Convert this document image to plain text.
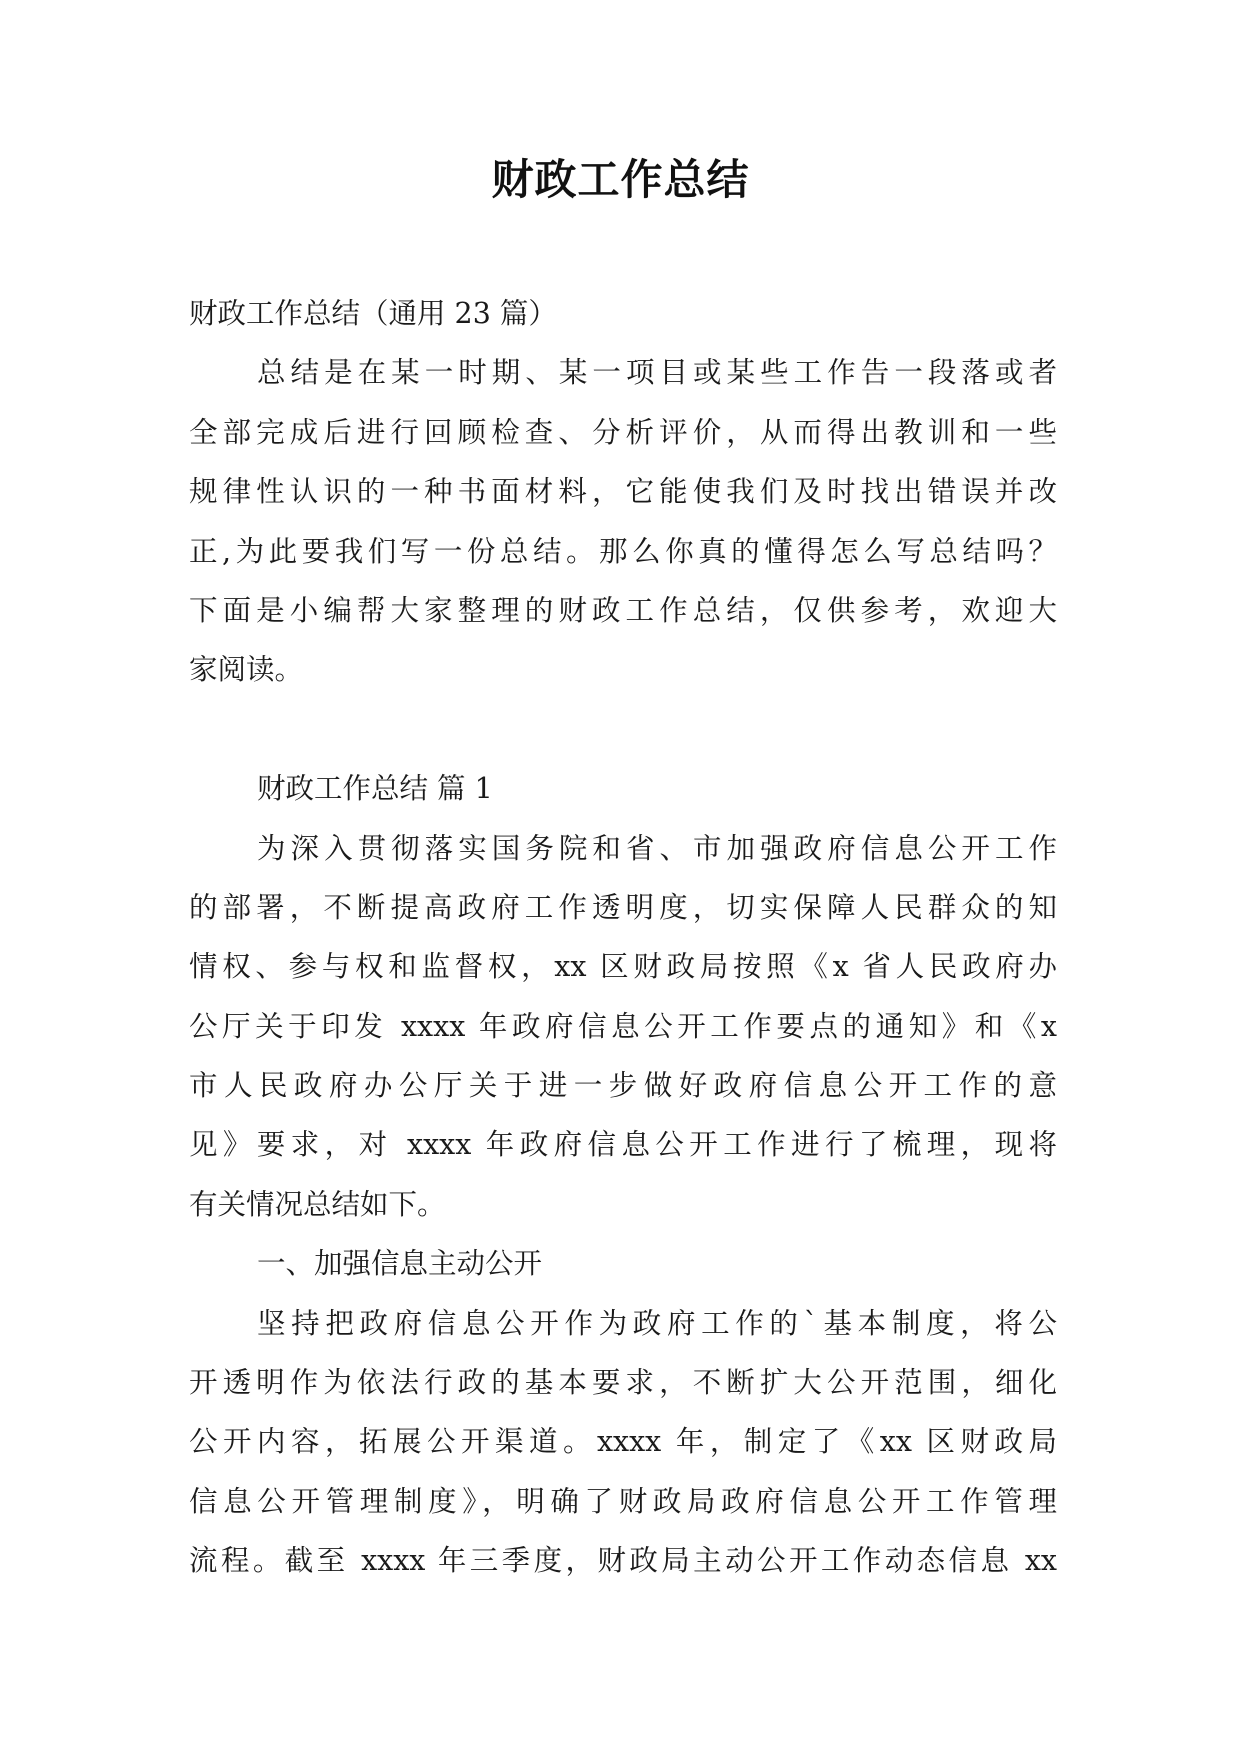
财政工作总结
财政工作总结（通用 23 篇）
总结是在某一时期、某一项目或某些工作告一段落或者
全部完成后进行回顾检查、分析评价，从而得出教训和一些
规律性认识的一种书面材料，它能使我们及时找出错误并改
正,为此要我们写一份总结。那么你真的懂得怎么写总结吗？
下面是小编帮大家整理的财政工作总结，仅供参考，欢迎大
家阅读。
财政工作总结 篇 1
为深入贯彻落实国务院和省、市加强政府信息公开工作
的部署，不断提高政府工作透明度，切实保障人民群众的知
情权、参与权和监督权，xx 区财政局按照《x 省人民政府办
公厅关于印发 xxxx 年政府信息公开工作要点的通知》和《x
市人民政府办公厅关于进一步做好政府信息公开工作的意
见》要求，对 xxxx 年政府信息公开工作进行了梳理，现将
有关情况总结如下。
一、加强信息主动公开
坚持把政府信息公开作为政府工作的`基本制度，将公
开透明作为依法行政的基本要求，不断扩大公开范围，细化
公开内容，拓展公开渠道。xxxx 年，制定了《xx 区财政局
信息公开管理制度》，明确了财政局政府信息公开工作管理
流程。截至 xxxx 年三季度，财政局主动公开工作动态信息 xx
